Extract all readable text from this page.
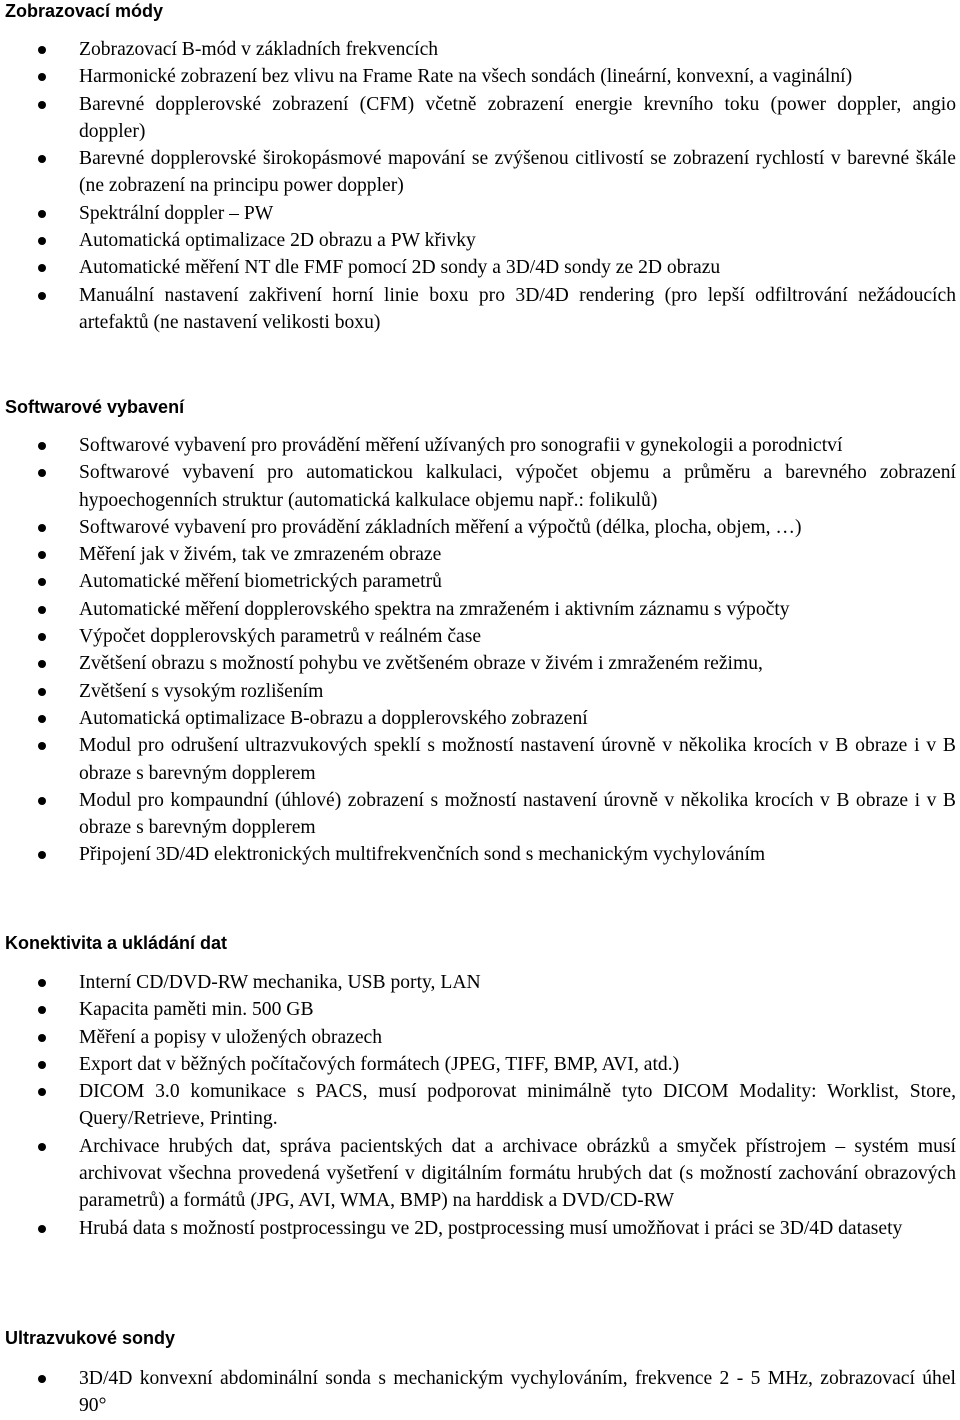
Zobrazovací módy
Zobrazovací B-mód v základních frekvencích
Harmonické zobrazení bez vlivu na Frame Rate na všech sondách (lineární, konvexní, a vaginální)
Barevné dopplerovské zobrazení (CFM) včetně zobrazení energie krevního toku (power doppler, angio doppler)
Barevné dopplerovské širokopásmové mapování se zvýšenou citlivostí se zobrazení rychlostí v barevné škále (ne zobrazení na principu power doppler)
Spektrální doppler – PW
Automatická optimalizace 2D obrazu a PW křivky
Automatické měření NT dle FMF pomocí 2D sondy a 3D/4D sondy ze 2D obrazu
Manuální nastavení zakřivení horní linie boxu pro 3D/4D rendering (pro lepší odfiltrování nežádoucích artefaktů (ne nastavení velikosti boxu)
Softwarové vybavení
Softwarové vybavení pro provádění měření užívaných pro sonografii v gynekologii a porodnictví
Softwarové vybavení pro automatickou kalkulaci, výpočet objemu a průměru a barevného zobrazení hypoechogenních struktur (automatická kalkulace objemu např.: folikulů)
Softwarové vybavení pro provádění základních měření a výpočtů (délka, plocha, objem, …)
Měření jak v živém, tak ve zmrazeném obraze
Automatické měření biometrických parametrů
Automatické měření dopplerovského spektra na zmraženém i aktivním záznamu s výpočty
Výpočet dopplerovských parametrů v reálném čase
Zvětšení obrazu s možností pohybu ve zvětšeném obraze v živém i zmraženém režimu,
Zvětšení s vysokým rozlišením
Automatická optimalizace B-obrazu a dopplerovského zobrazení
Modul pro odrušení ultrazvukových speklí s možností nastavení úrovně v několika krocích v B obraze i v B obraze s barevným dopplerem
Modul pro kompaundní (úhlové) zobrazení s možností nastavení úrovně v několika krocích v B obraze i v B obraze s barevným dopplerem
Připojení 3D/4D elektronických multifrekvenčních sond s mechanickým vychylováním
Konektivita a ukládání dat
Interní CD/DVD-RW mechanika, USB porty, LAN
Kapacita paměti min. 500 GB
Měření a popisy v uložených obrazech
Export dat v běžných počítačových formátech (JPEG, TIFF, BMP, AVI, atd.)
DICOM 3.0 komunikace s PACS, musí podporovat minimálně tyto DICOM Modality: Worklist, Store, Query/Retrieve, Printing.
Archivace hrubých dat, správa pacientských dat a archivace obrázků a smyček přístrojem – systém musí archivovat všechna provedená vyšetření v digitálním formátu hrubých dat (s možností zachování obrazových parametrů) a formátů (JPG, AVI, WMA, BMP) na harddisk a DVD/CD-RW
Hrubá data s možností postprocessingu ve 2D, postprocessing musí umožňovat i práci se 3D/4D datasety
Ultrazvukové sondy
3D/4D konvexní abdominální sonda s mechanickým vychylováním, frekvence 2 - 5 MHz, zobrazovací úhel 90°
